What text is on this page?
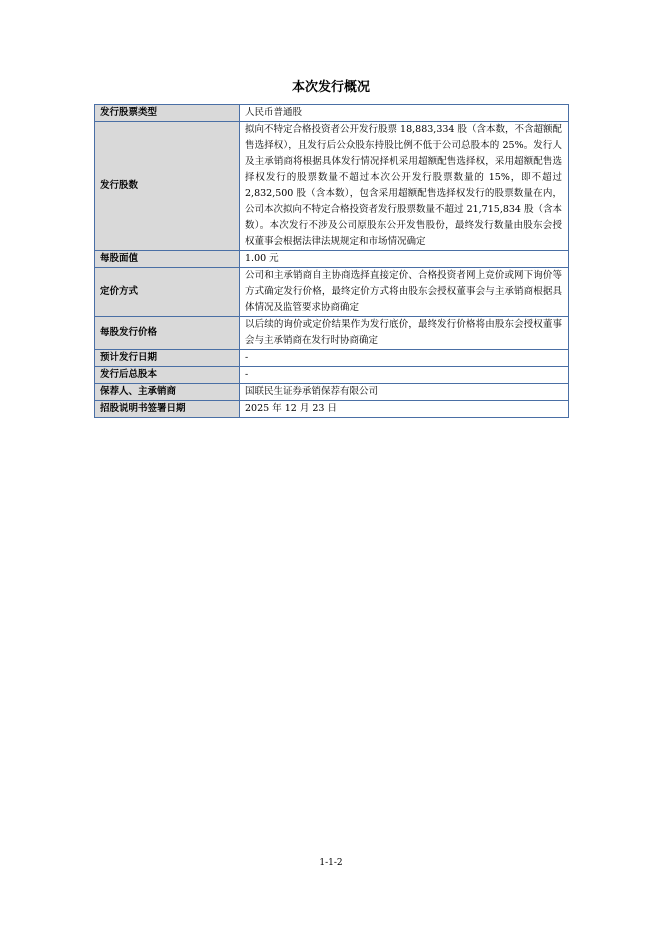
本次发行概况
发行股票类型	人民币普通股
发行股数	拟向不特定合格投资者公开发行股票 18,883,334 股（含本数，不含超额配售选择权），且发行后公众股东持股比例不低于公司总股本的 25%。发行人及主承销商将根据具体发行情况择机采用超额配售选择权，采用超额配售选择权发行的股票数量不超过本次公开发行股票数量的 15%，即不超过 2,832,500 股（含本数），包含采用超额配售选择权发行的股票数量在内，公司本次拟向不特定合格投资者发行股票数量不超过 21,715,834 股（含本数）。本次发行不涉及公司原股东公开发售股份，最终发行数量由股东会授权董事会根据法律法规规定和市场情况确定
每股面值	1.00 元
定价方式	公司和主承销商自主协商选择直接定价、合格投资者网上竞价或网下询价等方式确定发行价格，最终定价方式将由股东会授权董事会与主承销商根据具体情况及监管要求协商确定
每股发行价格	以后续的询价或定价结果作为发行底价，最终发行价格将由股东会授权董事会与主承销商在发行时协商确定
预计发行日期	-
发行后总股本	-
保荐人、主承销商	国联民生证券承销保荐有限公司
招股说明书签署日期	2025 年 12 月 23 日
1-1-2
